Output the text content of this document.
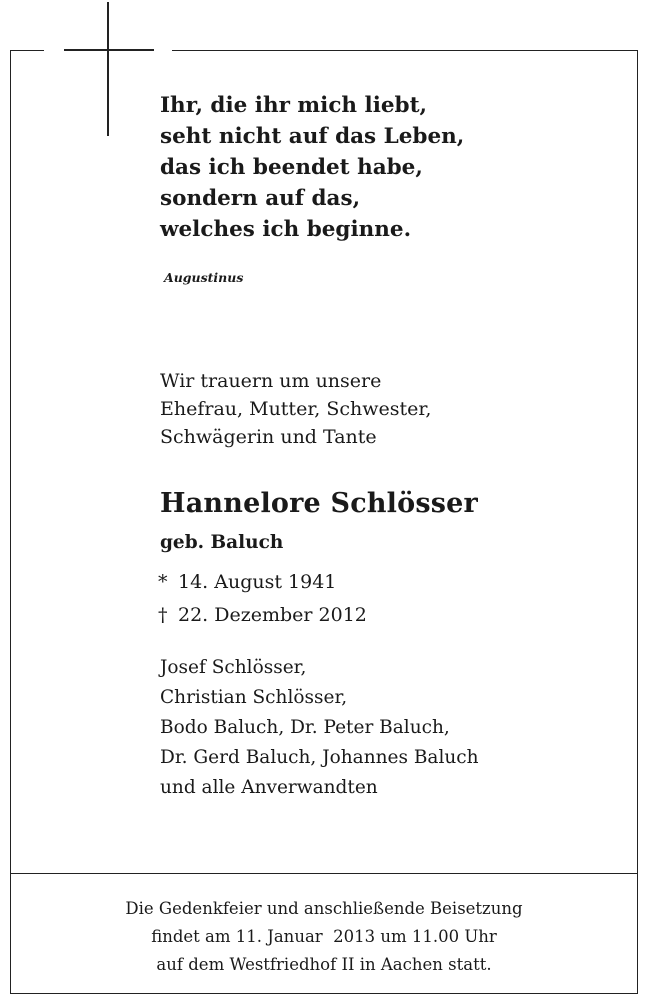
Ihr, die ihr mich liebt,
seht nicht auf das Leben,
das ich beendet habe,
sondern auf das,
welches ich beginne.
Augustinus
Wir trauern um unsere
Ehefrau, Mutter, Schwester,
Schwägerin und Tante
Hannelore Schlösser
geb. Baluch
* 14. August 1941
† 22. Dezember 2012
Josef Schlösser,
Christian Schlösser,
Bodo Baluch, Dr. Peter Baluch,
Dr. Gerd Baluch, Johannes Baluch
und alle Anverwandten
Die Gedenkfeier und anschließende Beisetzung
findet am 11. Januar  2013 um 11.00 Uhr
auf dem Westfriedhof II in Aachen statt.
